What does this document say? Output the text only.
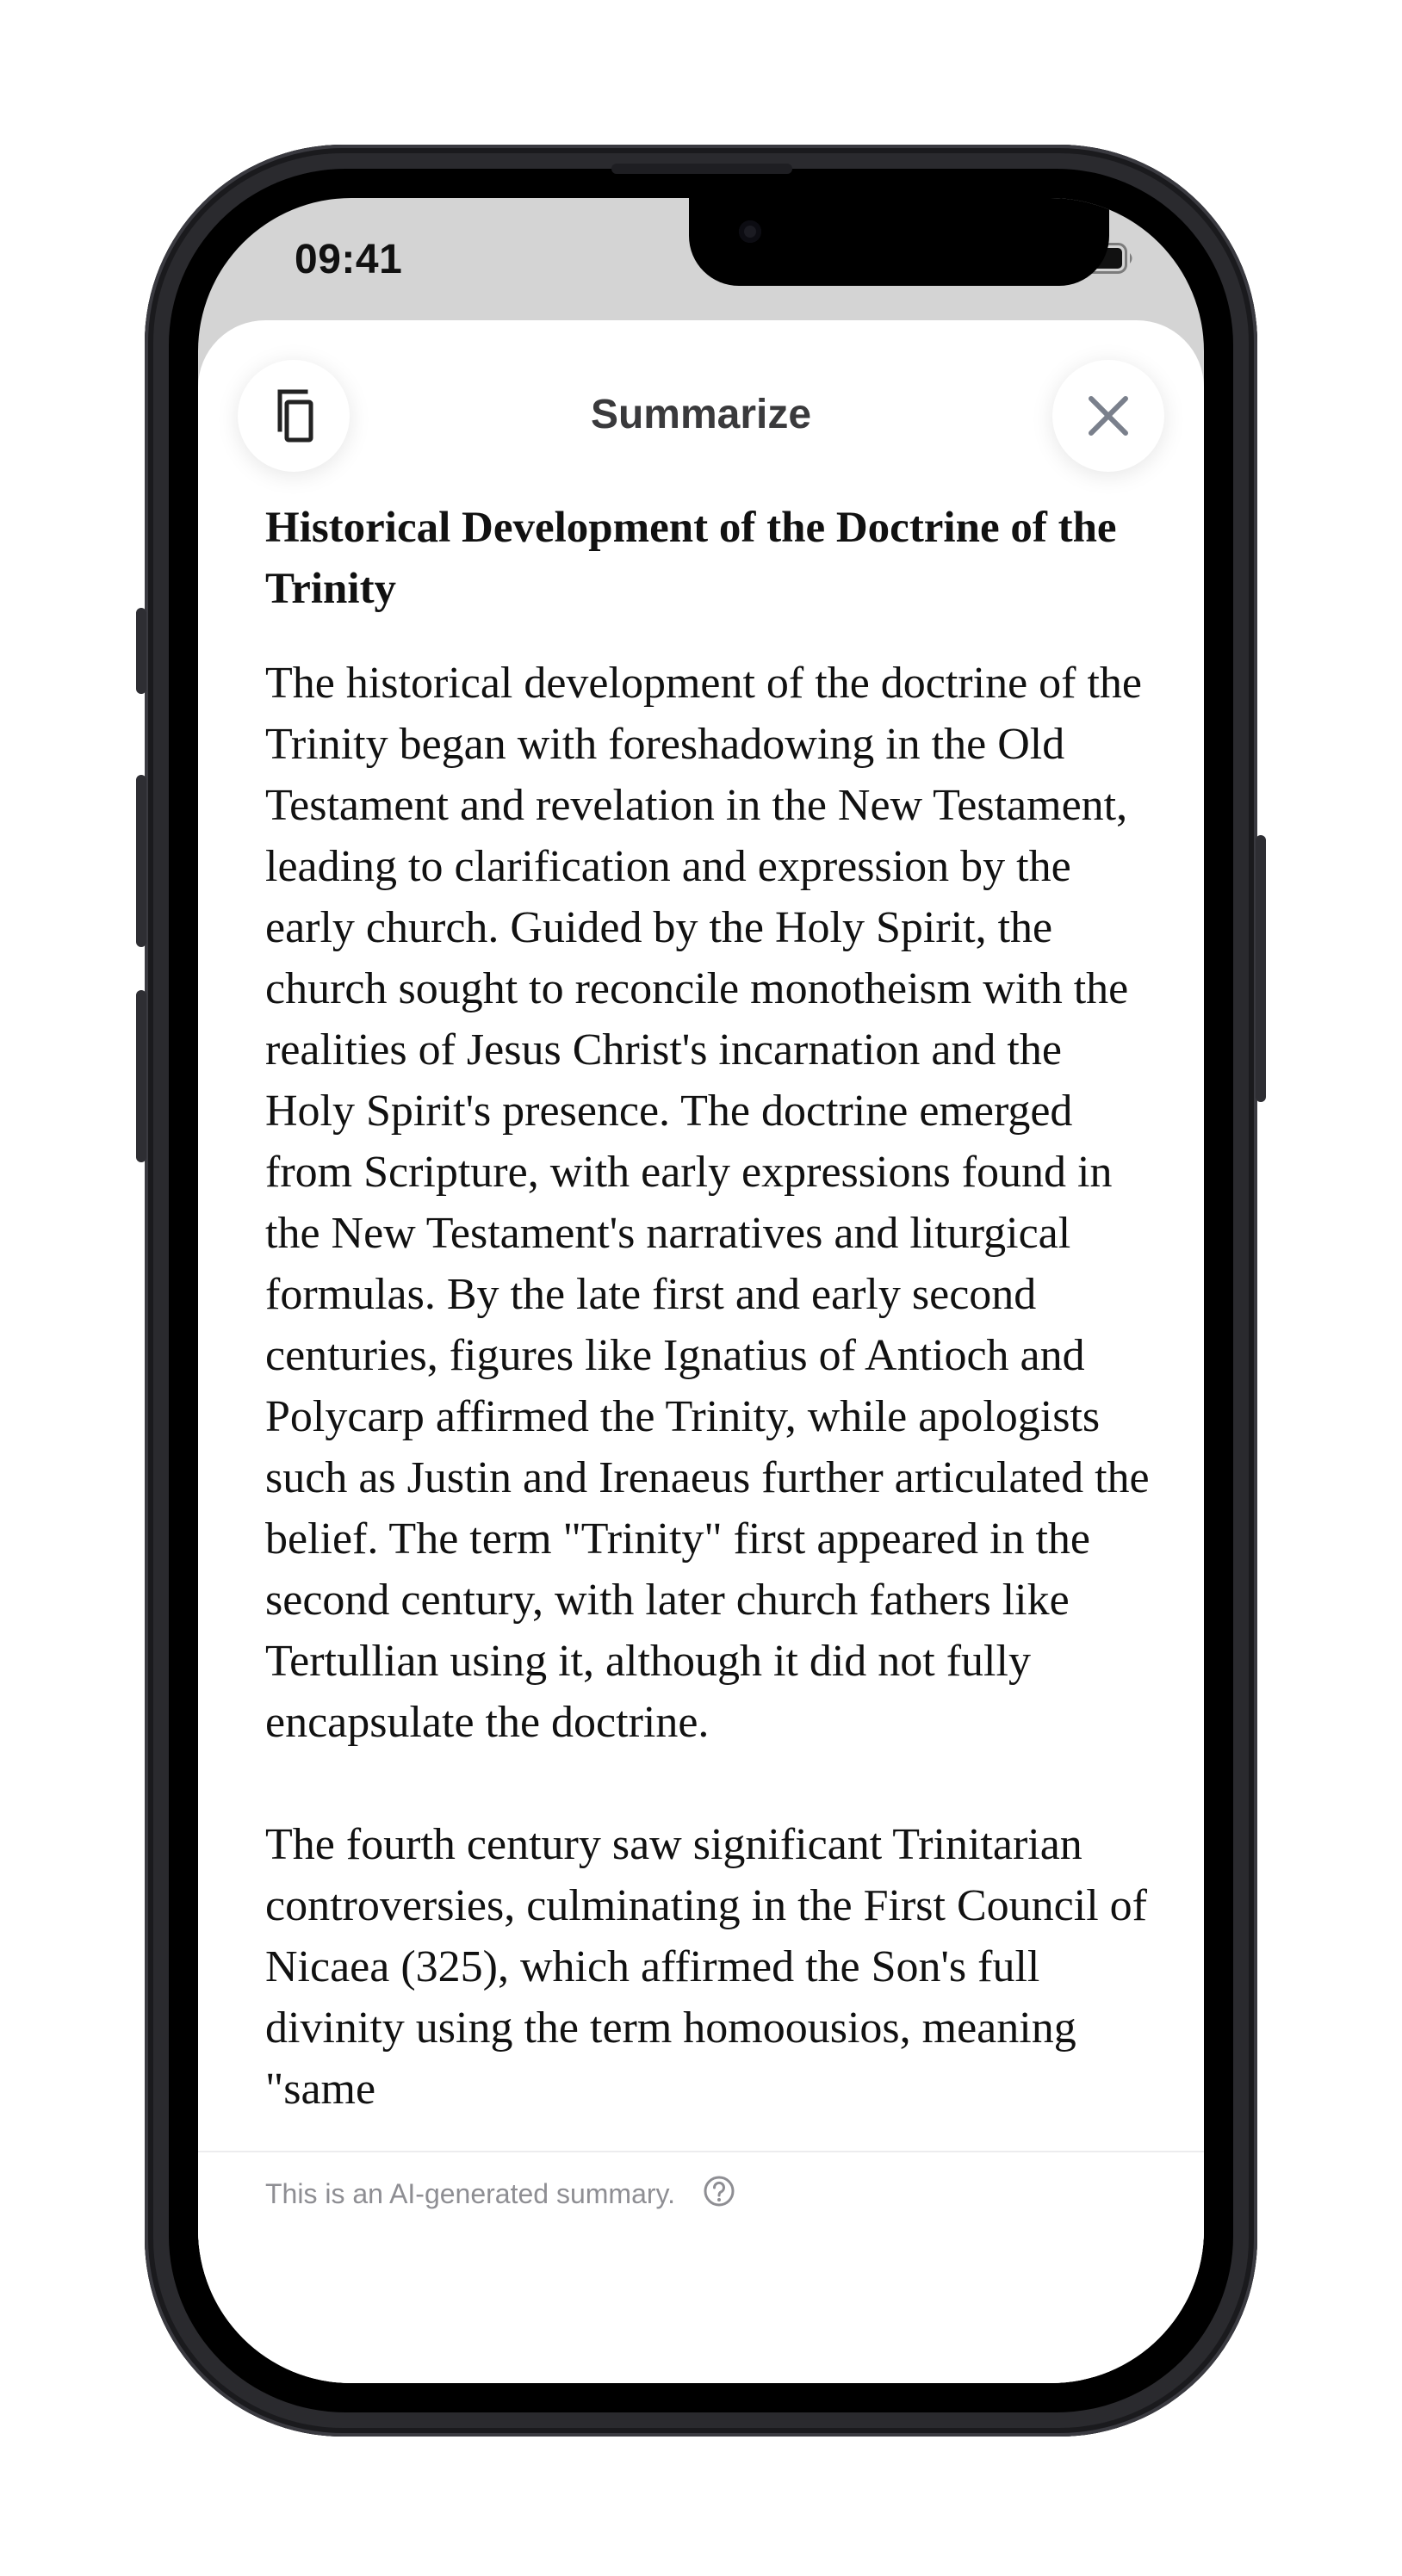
09:41
Summarize
Historical Development of the Doctrine of the Trinity

The historical development of the doctrine of the Trinity began with foreshadowing in the Old Testament and revelation in the New Testament, leading to clarification and expression by the early church. Guided by the Holy Spirit, the church sought to reconcile monotheism with the realities of Jesus Christ's incarnation and the Holy Spirit's presence. The doctrine emerged from Scripture, with early expressions found in the New Testament's narratives and liturgical formulas. By the late first and early second centuries, figures like Ignatius of Antioch and Polycarp affirmed the Trinity, while apologists such as Justin and Irenaeus further articulated the belief. The term "Trinity" first appeared in the second century, with later church fathers like Tertullian using it, although it did not fully encapsulate the doctrine.

The fourth century saw significant Trinitarian controversies, culminating in the First Council of Nicaea (325), which affirmed the Son's full divinity using the term homoousios, meaning "same

This is an AI-generated summary.
